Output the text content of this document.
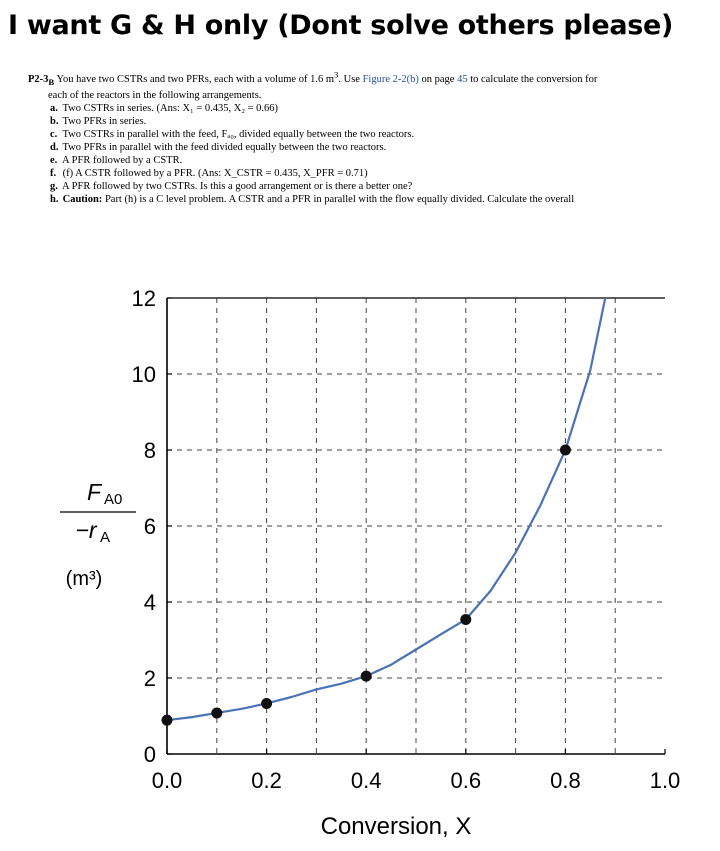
I want G & H only (Dont solve others please)
$P2-3_B$ You have two CSTRs and two PFRs, each with a volume of 1.6 $m^3$. Use Figure 2-2(b) on page 45 to calculate the conversion for
each of the reactors in the following arrangements.
a. Two CSTRs in series. (Ans: X₁ = 0.435, X₂ = 0.66)
b. Two PFRs in series.
c. Two CSTRs in parallel with the feed, Fₐ₀, divided equally between the two reactors.
d. Two PFRs in parallel with the feed divided equally between the two reactors.
e. A PFR followed by a CSTR.
f. (f) A CSTR followed by a PFR. (Ans: X_CSTR = 0.435, X_PFR = 0.71)
g. A PFR followed by two CSTRs. Is this a good arrangement or is there a better one?
h. Caution: Part (h) is a C level problem. A CSTR and a PFR in parallel with the flow equally divided. Calculate the overall
0
2
4
6
8
10
12
0.0	0.2	0.4	0.6	0.8	1.0
Conversion, X
F A0
−r A
(m³)
